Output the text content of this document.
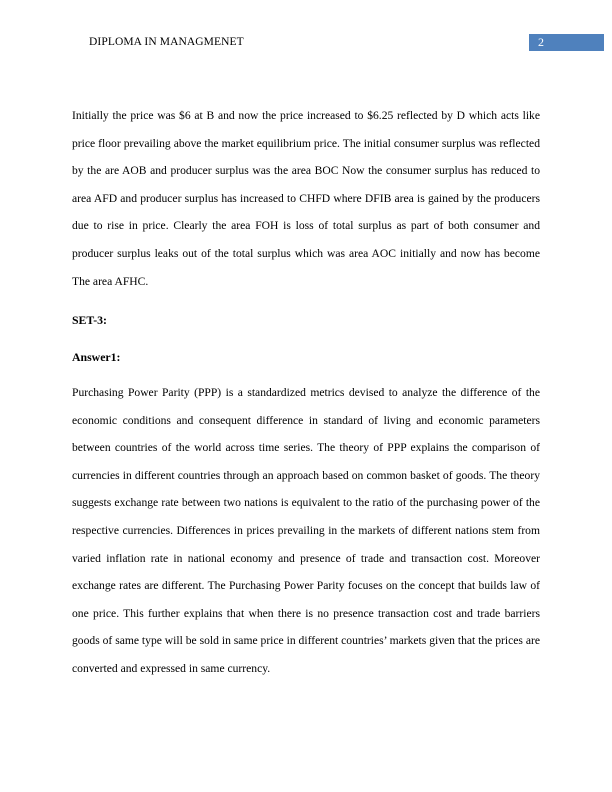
DIPLOMA IN MANAGMENET	2

Initially the price was $6 at B and now the price increased to $6.25 reflected by D which acts like price floor prevailing above the market equilibrium price. The initial consumer surplus was reflected by the are AOB and producer surplus was the area BOC Now the consumer surplus has reduced to area AFD and producer surplus has increased to CHFD where DFIB area is gained by the producers due to rise in price. Clearly the area FOH is loss of total surplus as part of both consumer and producer surplus leaks out of the total surplus which was area AOC initially and now has become The area AFHC.

SET-3:

Answer1:

Purchasing Power Parity (PPP) is a standardized metrics devised to analyze the difference of the economic conditions and consequent difference in standard of living and economic parameters between countries of the world across time series. The theory of PPP explains the comparison of currencies in different countries through an approach based on common basket of goods. The theory suggests exchange rate between two nations is equivalent to the ratio of the purchasing power of the respective currencies. Differences in prices prevailing in the markets of different nations stem from varied inflation rate in national economy and presence of trade and transaction cost. Moreover exchange rates are different. The Purchasing Power Parity focuses on the concept that builds law of one price. This further explains that when there is no presence transaction cost and trade barriers goods of same type will be sold in same price in different countries’ markets given that the prices are converted and expressed in same currency.
